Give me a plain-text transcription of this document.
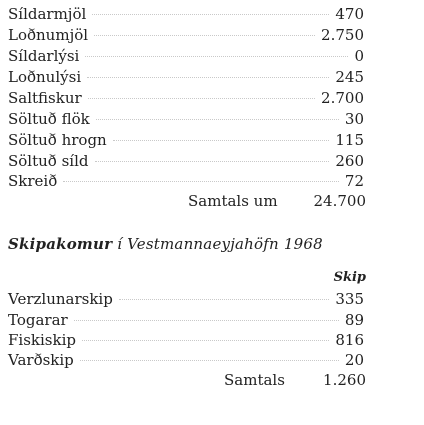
Síldarmjöl	470
Loðnumjöl	2.750
Síldarlýsi	0
Loðnulýsi	245
Saltfiskur	2.700
Söltuð flök	30
Söltuð hrogn	115
Söltuð síld	260
Skreið	72
Samtals um 24.700
Skipakomur í Vestmannaeyjahöfn 1968
Skip
Verzlunarskip	335
Togarar	89
Fiskiskip	816
Varðskip	20
Samtals	1.260
